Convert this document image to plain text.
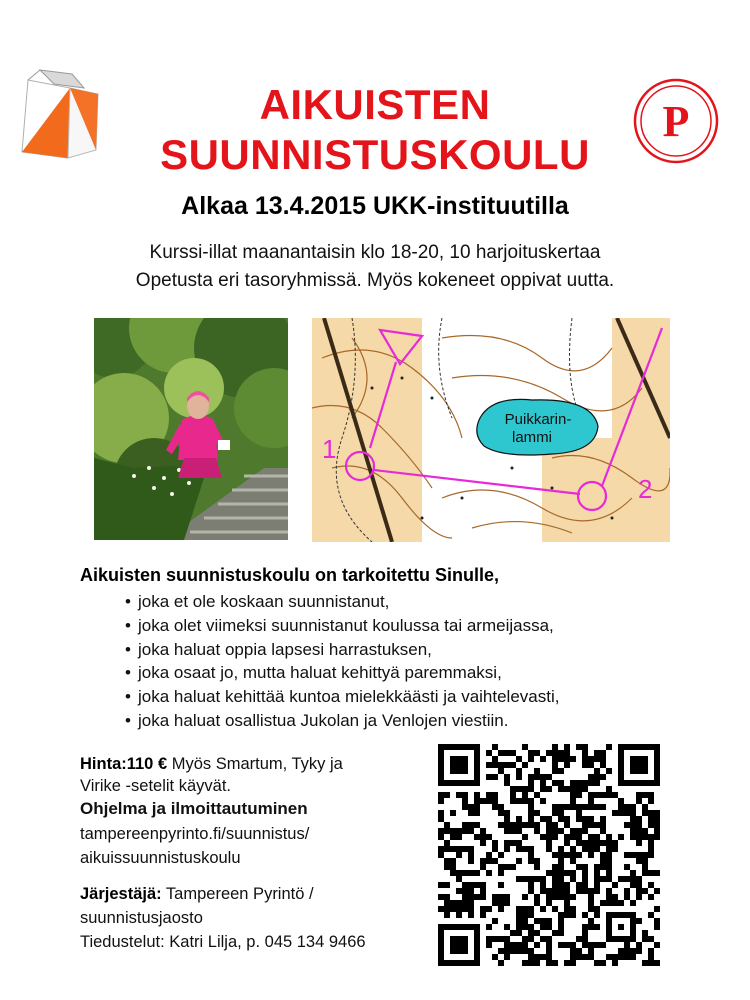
AIKUISTEN
SUUNNISTUSKOULU
P
Alkaa 13.4.2015 UKK-instituutilla
Kurssi-illat maanantaisin klo 18-20, 10 harjoituskertaa
Opetusta eri tasoryhmissä. Myös kokeneet oppivat uutta.
Puikkarin-
lammi
1
2
Aikuisten suunnistuskoulu on tarkoitettu Sinulle,
• joka et ole koskaan suunnistanut,
• joka olet viimeksi suunnistanut koulussa tai armeijassa,
• joka haluat oppia lapsesi harrastuksen,
• joka osaat jo, mutta haluat kehittyä paremmaksi,
• joka haluat kehittää kuntoa mielekkäästi ja vaihtelevasti,
• joka haluat osallistua Jukolan ja Venlojen viestiin.
Hinta:110 € Myös Smartum, Tyky ja
Virike -setelit käyvät.
Ohjelma ja ilmoittautuminen
tampereenpyrinto.fi/suunnistus/
aikuissuunnistuskoulu
Järjestäjä: Tampereen Pyrintö /
suunnistusjaosto
Tiedustelut: Katri Lilja, p. 045 134 9466
